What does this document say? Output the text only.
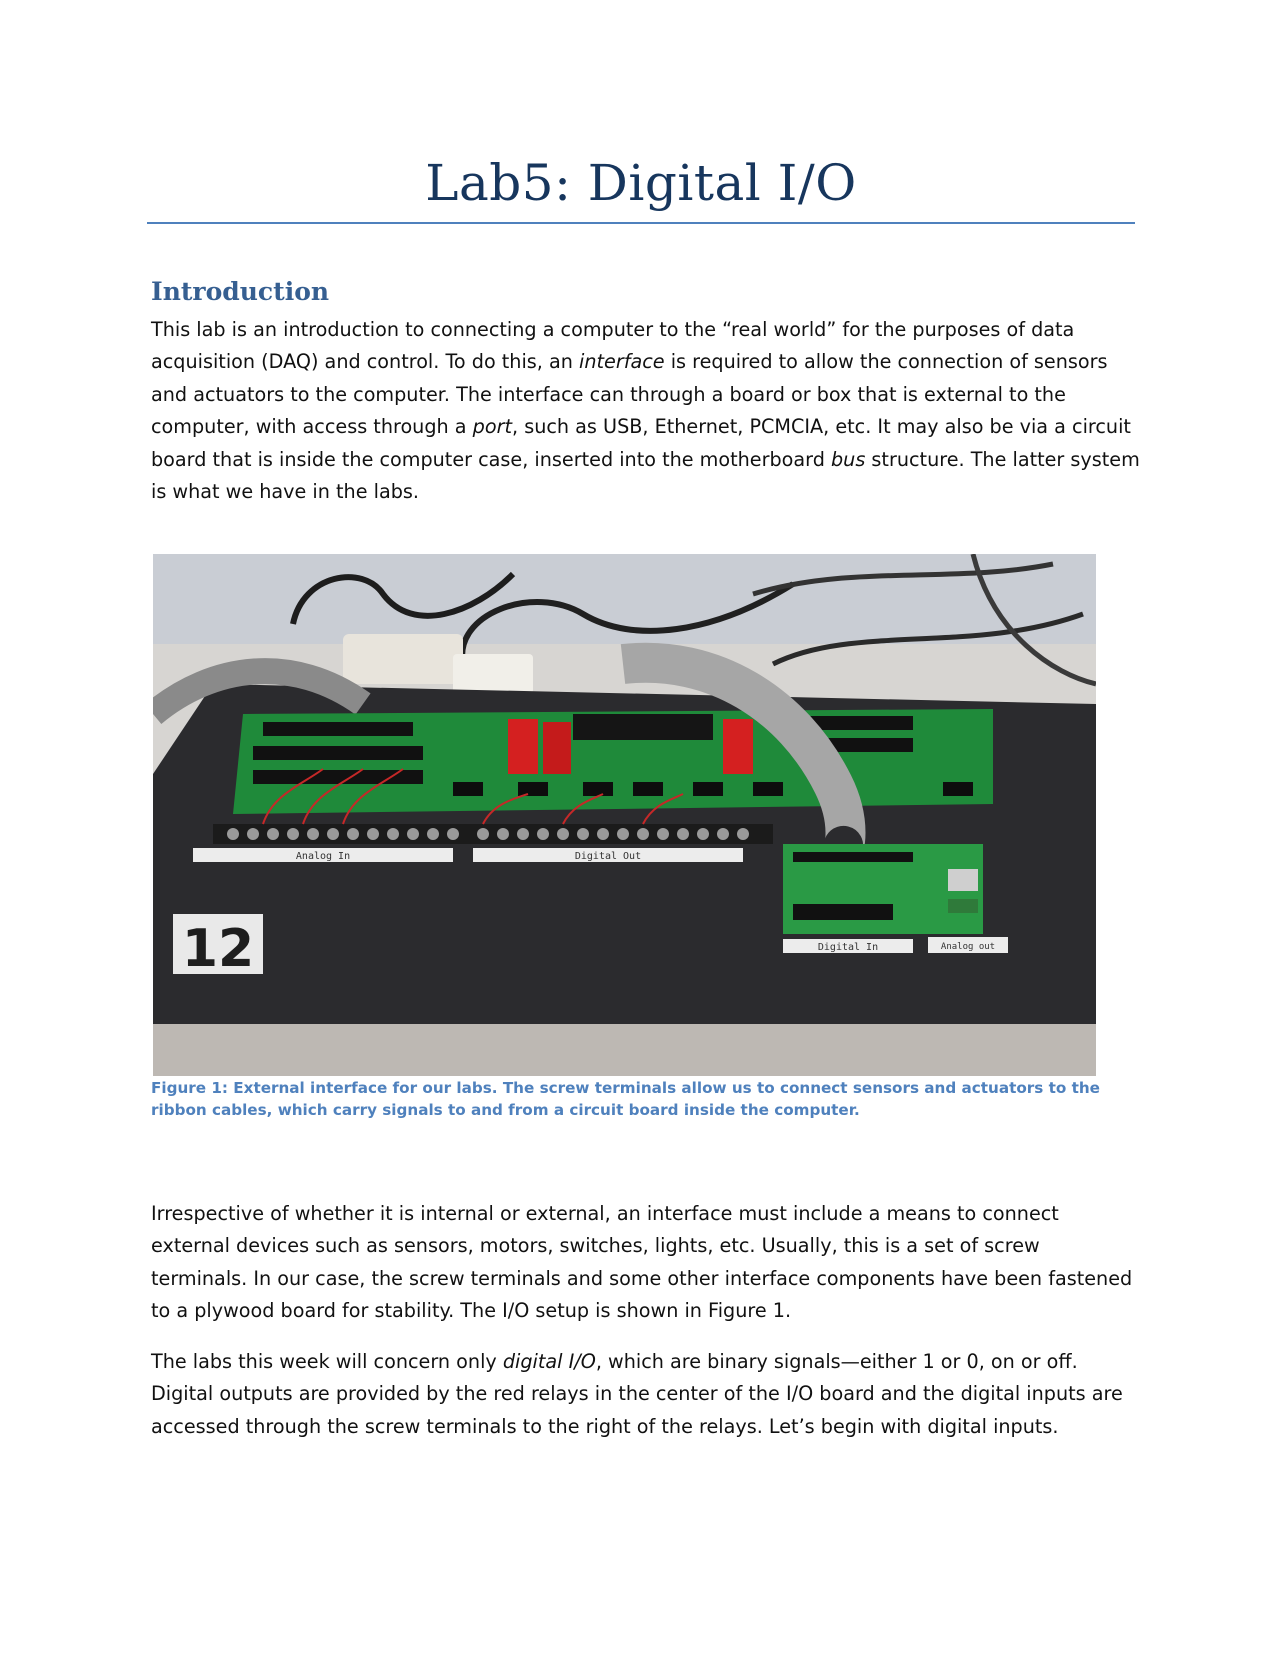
Lab5: Digital I/O
Introduction

This lab is an introduction to connecting a computer to the “real world” for the purposes of data acquisition (DAQ) and control. To do this, an interface is required to allow the connection of sensors and actuators to the computer. The interface can through a board or box that is external to the computer, with access through a port, such as USB, Ethernet, PCMCIA, etc. It may also be via a circuit board that is inside the computer case, inserted into the motherboard bus structure. The latter system is what we have in the labs.

Analog In	Digital Out
Digital In	Analog out
12

Figure 1: External interface for our labs. The screw terminals allow us to connect sensors and actuators to the ribbon cables, which carry signals to and from a circuit board inside the computer.

Irrespective of whether it is internal or external, an interface must include a means to connect external devices such as sensors, motors, switches, lights, etc. Usually, this is a set of screw terminals. In our case, the screw terminals and some other interface components have been fastened to a plywood board for stability. The I/O setup is shown in Figure 1.

The labs this week will concern only digital I/O, which are binary signals—either 1 or 0, on or off. Digital outputs are provided by the red relays in the center of the I/O board and the digital inputs are accessed through the screw terminals to the right of the relays. Let’s begin with digital inputs.
